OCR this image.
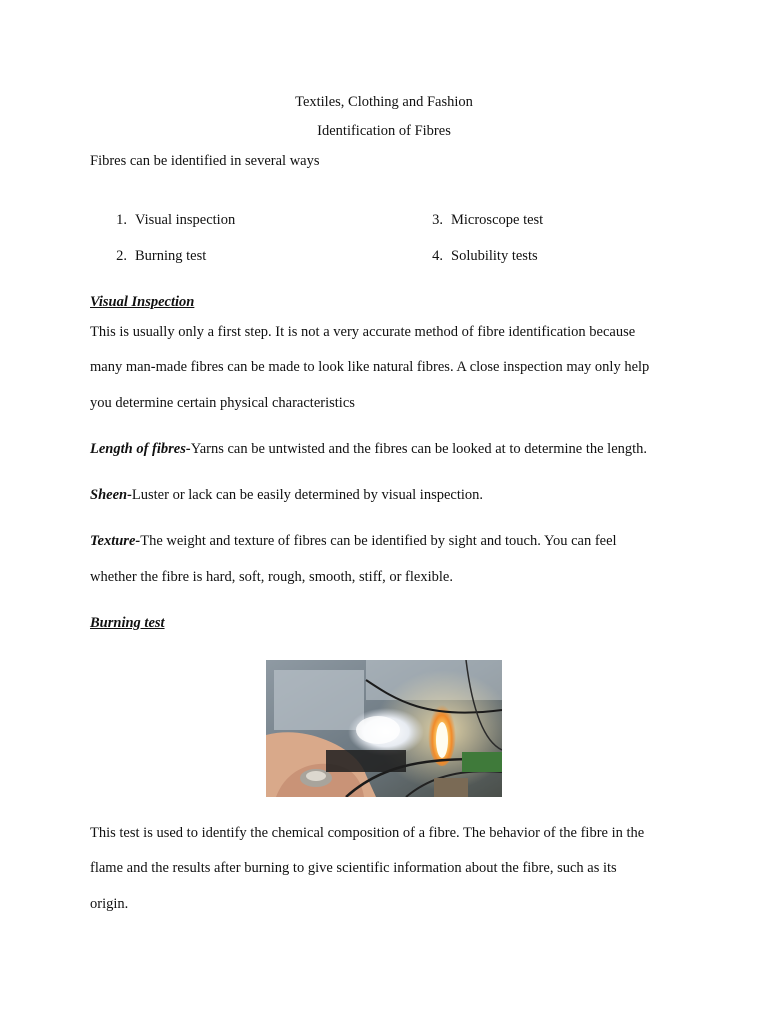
Textiles, Clothing and Fashion
Identification of Fibres
Fibres can be identified in several ways
1. Visual inspection
2. Burning test
3. Microscope test
4. Solubility tests
Visual Inspection
This is usually only a first step. It is not a very accurate method of fibre identification because
many man-made fibres can be made to look like natural fibres. A close inspection may only help
you determine certain physical characteristics
Length of fibres-Yarns can be untwisted and the fibres can be looked at to determine the length.
Sheen-Luster or lack can be easily determined by visual inspection.
Texture-The weight and texture of fibres can be identified by sight and touch. You can feel
whether the fibre is hard, soft, rough, smooth, stiff, or flexible.
Burning test
This test is used to identify the chemical composition of a fibre. The behavior of the fibre in the
flame and the results after burning to give scientific information about the fibre, such as its
origin.
